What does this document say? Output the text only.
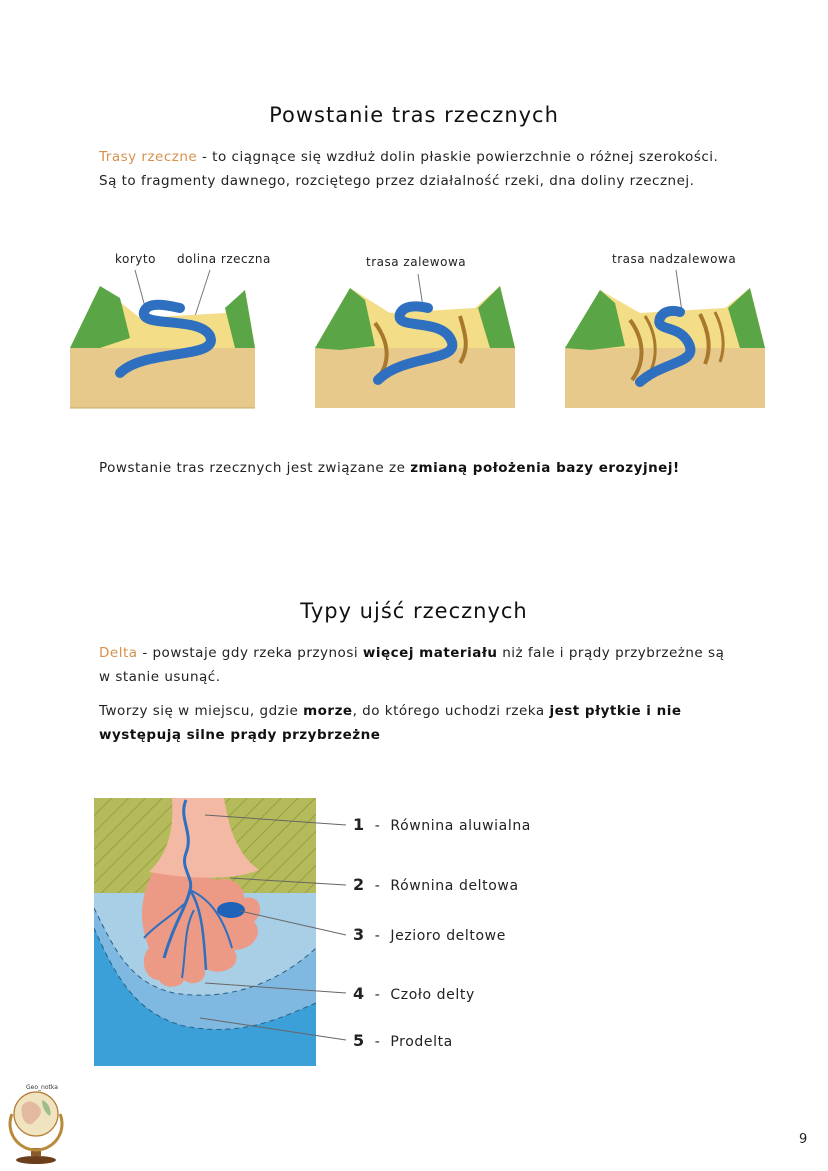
Powstanie tras rzecznych
Trasy rzeczne - to ciągnące się wzdłuż dolin płaskie powierzchnie o różnej szerokości.
Są to fragmenty dawnego, rozciętego przez działalność rzeki, dna doliny rzecznej.
koryto dolina rzeczna	trasa zalewowa	trasa nadzalewowa
Powstanie tras rzecznych jest związane ze zmianą położenia bazy erozyjnej!
Typy ujść rzecznych
Delta - powstaje gdy rzeka przynosi więcej materiału niż fale i prądy przybrzeżne są
w stanie usunąć.
Tworzy się w miejscu, gdzie morze, do którego uchodzi rzeka jest płytkie i nie
występują silne prądy przybrzeżne
1 - Równina aluwialna
2 - Równina deltowa
3 - Jezioro deltowe
4 - Czoło delty
5 - Prodelta
Geo_notka
9
